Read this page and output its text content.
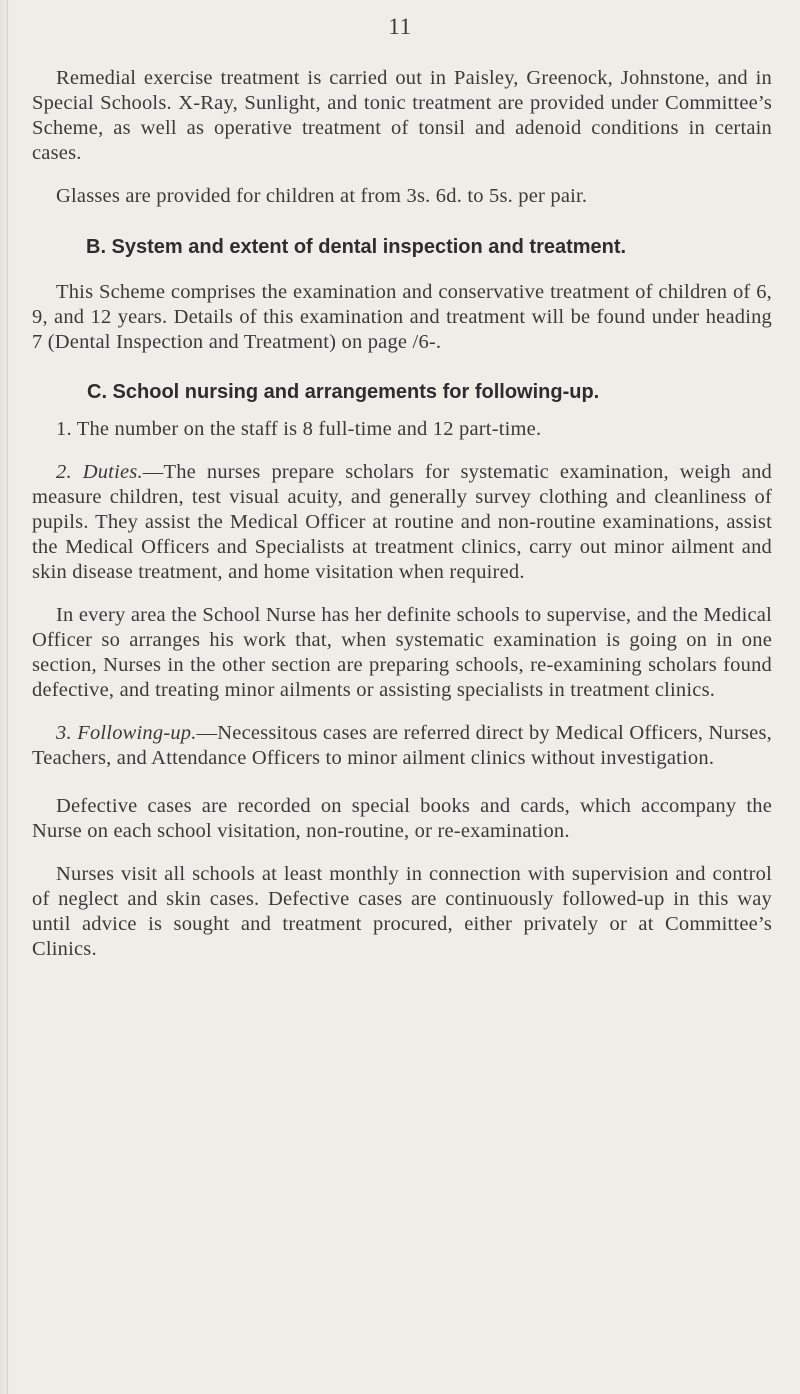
11

Remedial exercise treatment is carried out in Paisley, Greenock, Johnstone, and in Special Schools. X-Ray, Sunlight, and tonic treatment are provided under Committee’s Scheme, as well as operative treatment of tonsil and adenoid conditions in certain cases.

Glasses are provided for children at from 3s. 6d. to 5s. per pair.

B. System and extent of dental inspection and treatment.

This Scheme comprises the examination and conservative treatment of children of 6, 9, and 12 years. Details of this examination and treatment will be found under heading 7 (Dental Inspection and Treatment) on page /6-.

C. School nursing and arrangements for following-up.

1. The number on the staff is 8 full-time and 12 part-time.

2. Duties.—The nurses prepare scholars for systematic examination, weigh and measure children, test visual acuity, and generally survey clothing and cleanliness of pupils. They assist the Medical Officer at routine and non-routine examinations, assist the Medical Officers and Specialists at treatment clinics, carry out minor ailment and skin disease treatment, and home visitation when required.

In every area the School Nurse has her definite schools to supervise, and the Medical Officer so arranges his work that, when systematic examination is going on in one section, Nurses in the other section are preparing schools, re-examining scholars found defective, and treating minor ailments or assisting specialists in treatment clinics.

3. Following-up.—Necessitous cases are referred direct by Medical Officers, Nurses, Teachers, and Attendance Officers to minor ailment clinics without investigation.

Defective cases are recorded on special books and cards, which accompany the Nurse on each school visitation, non-routine, or re-examination.

Nurses visit all schools at least monthly in connection with supervision and control of neglect and skin cases. Defective cases are continuously followed-up in this way until advice is sought and treatment procured, either privately or at Committee’s Clinics.
